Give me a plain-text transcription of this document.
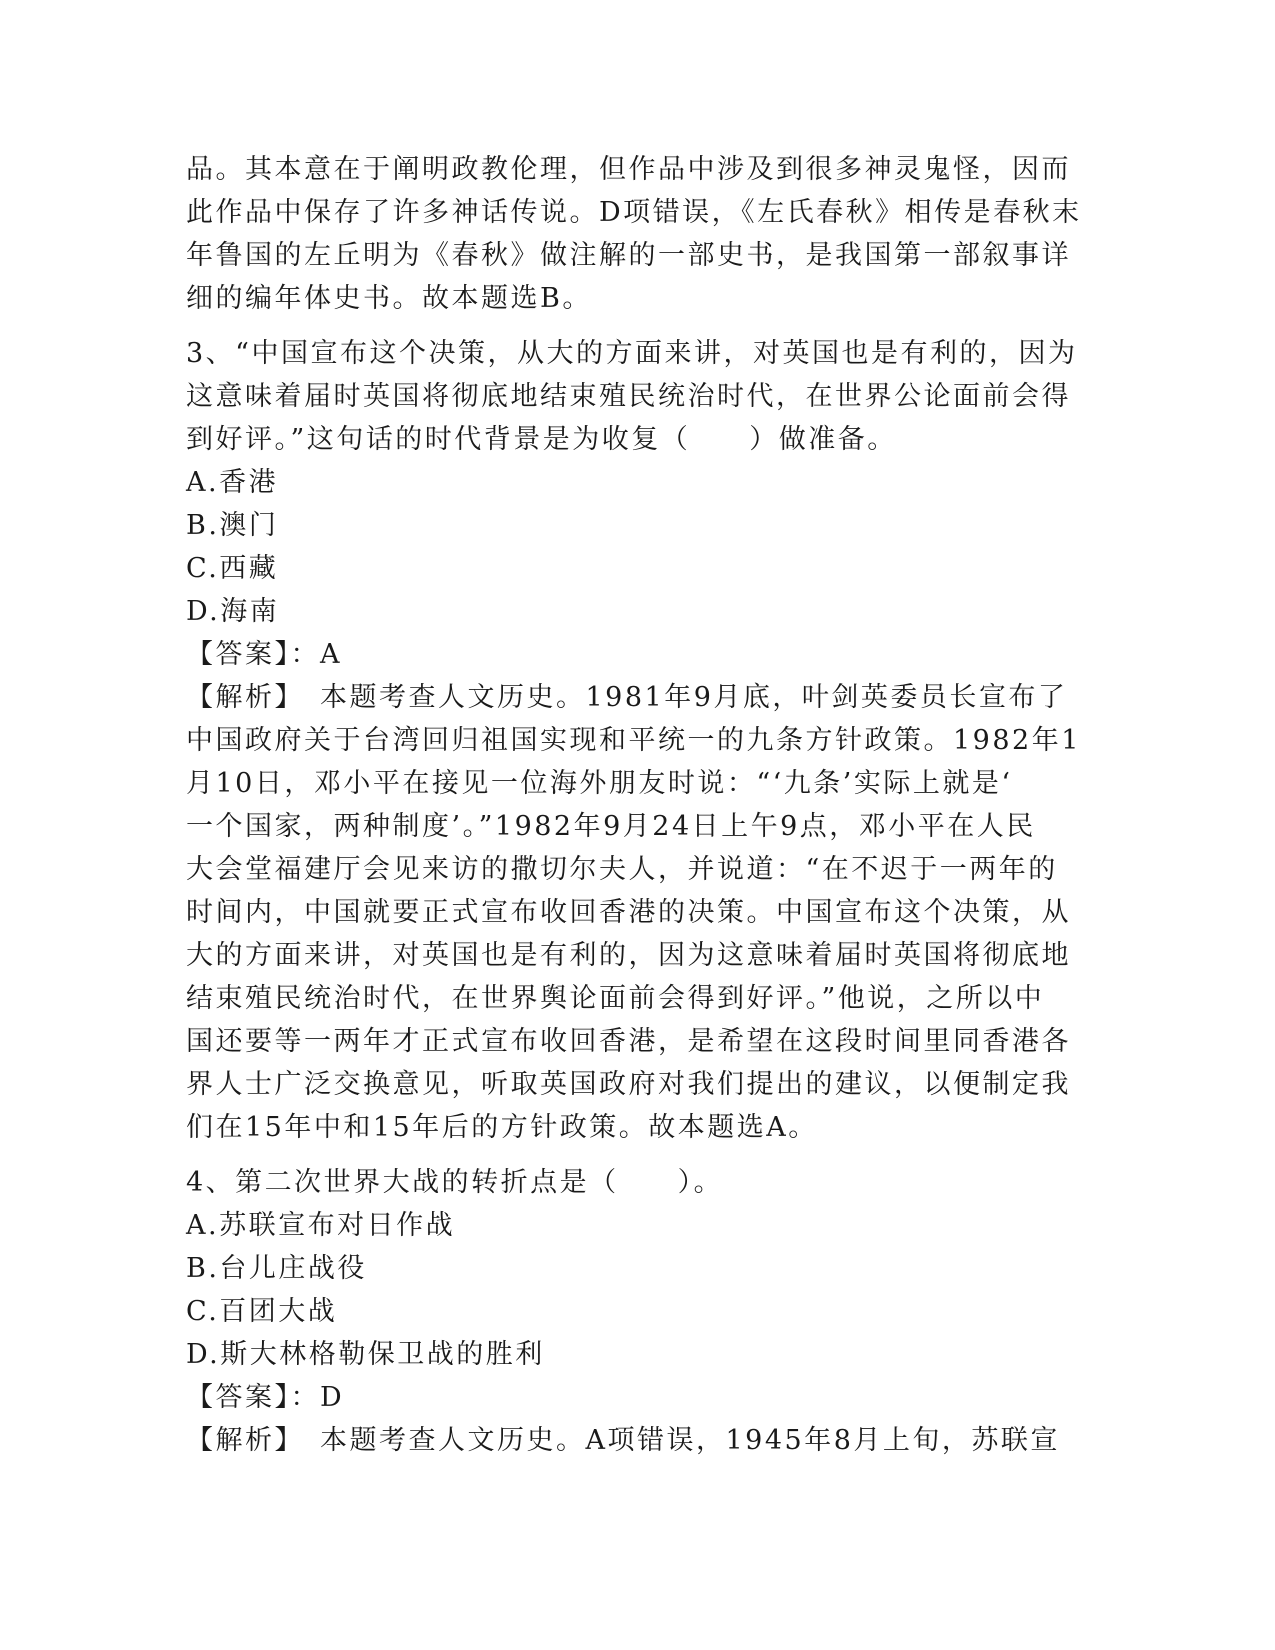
品。其本意在于阐明政教伦理，但作品中涉及到很多神灵鬼怪，因而
此作品中保存了许多神话传说。D项错误，《左氏春秋》相传是春秋末
年鲁国的左丘明为《春秋》做注解的一部史书，是我国第一部叙事详
细的编年体史书。故本题选B。
3、“中国宣布这个决策，从大的方面来讲，对英国也是有利的，因为
这意味着届时英国将彻底地结束殖民统治时代，在世界公论面前会得
到好评。”这句话的时代背景是为收复（　　）做准备。
A.香港
B.澳门
C.西藏
D.海南
【答案】：A
【解析】　本题考查人文历史。1981年9月底，叶剑英委员长宣布了
中国政府关于台湾回归祖国实现和平统一的九条方针政策。1982年1
月10日，邓小平在接见一位海外朋友时说：“‘九条’实际上就是‘
一个国家，两种制度’。”1982年9月24日上午9点，邓小平在人民
大会堂福建厅会见来访的撒切尔夫人，并说道：“在不迟于一两年的
时间内，中国就要正式宣布收回香港的决策。中国宣布这个决策，从
大的方面来讲，对英国也是有利的，因为这意味着届时英国将彻底地
结束殖民统治时代，在世界舆论面前会得到好评。”他说，之所以中
国还要等一两年才正式宣布收回香港，是希望在这段时间里同香港各
界人士广泛交换意见，听取英国政府对我们提出的建议，以便制定我
们在15年中和15年后的方针政策。故本题选A。
4、第二次世界大战的转折点是（　　）。
A.苏联宣布对日作战
B.台儿庄战役
C.百团大战
D.斯大林格勒保卫战的胜利
【答案】：D
【解析】　本题考查人文历史。A项错误，1945年8月上旬，苏联宣
